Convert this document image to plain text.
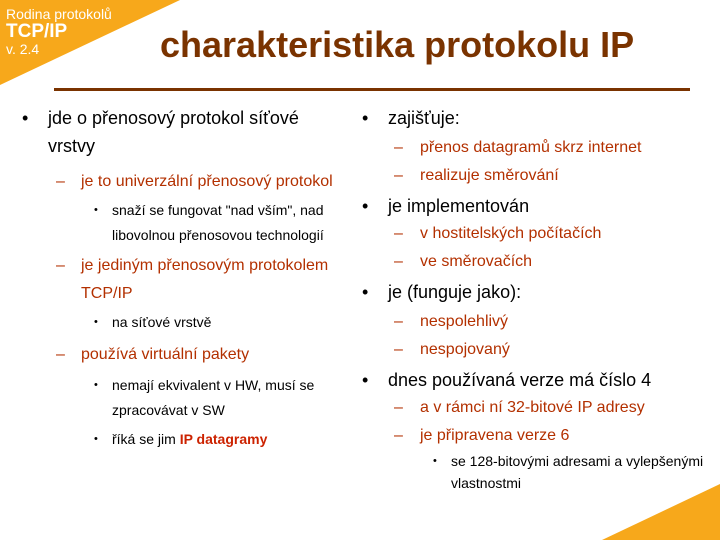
Rodina protokolů
TCP/IP
v. 2.4	charakteristika protokolu IP
•	jde o přenosový protokol síťové vrstvy
– je to univerzální přenosový protokol
• snaží se fungovat "nad vším", nad libovolnou přenosovou technologií
– je jediným přenosovým protokolem TCP/IP
• na síťové vrstvě
– používá virtuální pakety
• nemají ekvivalent v HW, musí se zpracovávat v SW
• říká se jim IP datagramy
•	zajišťuje:
– přenos datagramů skrz internet
– realizuje směrování
•	je implementován
– v hostitelských počítačích
– ve směrovačích
•	je (funguje jako):
– nespolehlivý
– nespojovaný
•	dnes používaná verze má číslo 4
– a v rámci ní 32-bitové IP adresy
– je připravena verze 6
• se 128-bitovými adresami a vylepšenými vlastnostmi
